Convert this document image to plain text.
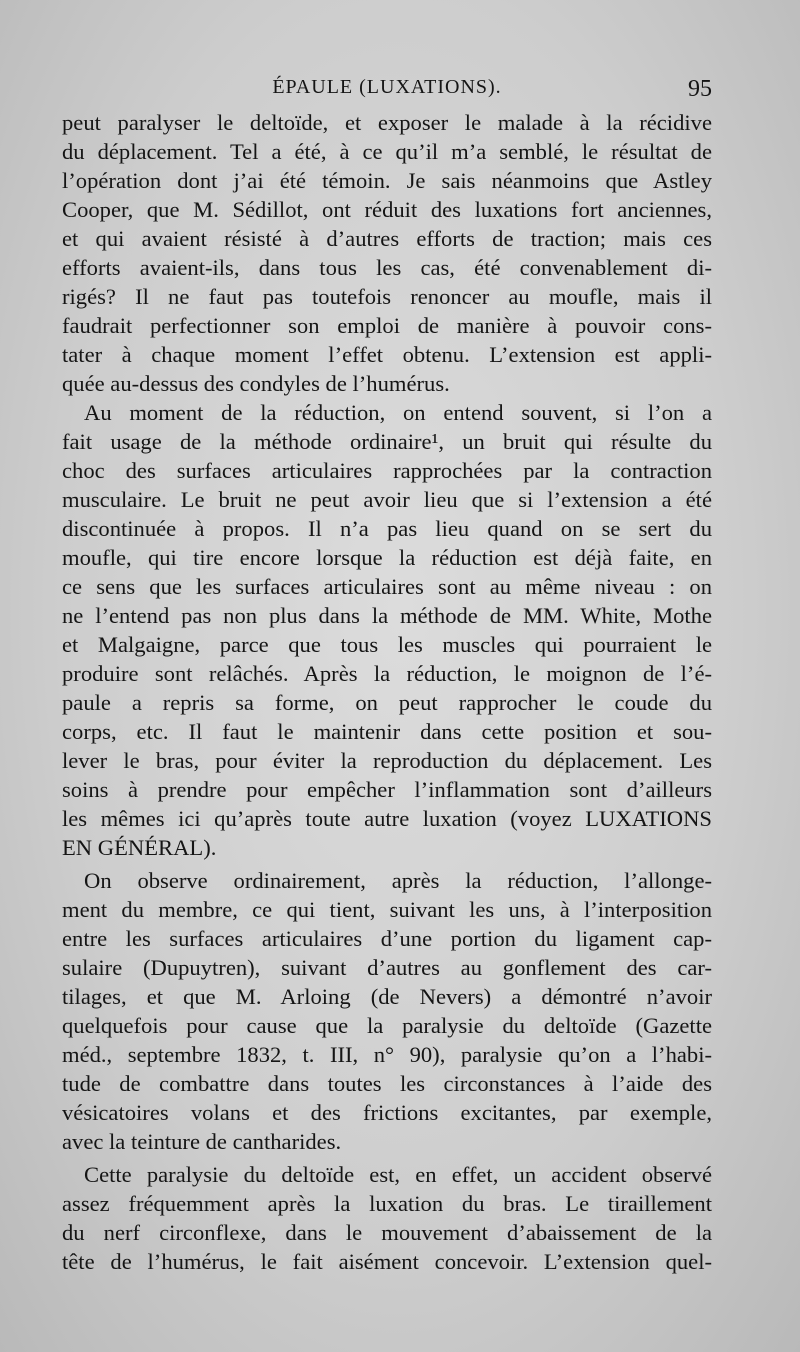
ÉPAULE (LUXATIONS).	95
peut paralyser le deltoïde, et exposer le malade à la récidive
du déplacement. Tel a été, à ce qu’il m’a semblé, le résultat de
l’opération dont j’ai été témoin. Je sais néanmoins que Astley
Cooper, que M. Sédillot, ont réduit des luxations fort anciennes,
et qui avaient résisté à d’autres efforts de traction; mais ces
efforts avaient-ils, dans tous les cas, été convenablement di-
rigés? Il ne faut pas toutefois renoncer au moufle, mais il
faudrait perfectionner son emploi de manière à pouvoir cons-
tater à chaque moment l’effet obtenu. L’extension est appli-
quée au-dessus des condyles de l’humérus.
Au moment de la réduction, on entend souvent, si l’on a
fait usage de la méthode ordinaire¹, un bruit qui résulte du
choc des surfaces articulaires rapprochées par la contraction
musculaire. Le bruit ne peut avoir lieu que si l’extension a été
discontinuée à propos. Il n’a pas lieu quand on se sert du
moufle, qui tire encore lorsque la réduction est déjà faite, en
ce sens que les surfaces articulaires sont au même niveau : on
ne l’entend pas non plus dans la méthode de MM. White, Mothe
et Malgaigne, parce que tous les muscles qui pourraient le
produire sont relâchés. Après la réduction, le moignon de l’é-
paule a repris sa forme, on peut rapprocher le coude du
corps, etc. Il faut le maintenir dans cette position et sou-
lever le bras, pour éviter la reproduction du déplacement. Les
soins à prendre pour empêcher l’inflammation sont d’ailleurs
les mêmes ici qu’après toute autre luxation (voyez LUXATIONS
EN GÉNÉRAL).
On observe ordinairement, après la réduction, l’allonge-
ment du membre, ce qui tient, suivant les uns, à l’interposition
entre les surfaces articulaires d’une portion du ligament cap-
sulaire (Dupuytren), suivant d’autres au gonflement des car-
tilages, et que M. Arloing (de Nevers) a démontré n’avoir
quelquefois pour cause que la paralysie du deltoïde (Gazette
méd., septembre 1832, t. III, n° 90), paralysie qu’on a l’habi-
tude de combattre dans toutes les circonstances à l’aide des
vésicatoires volans et des frictions excitantes, par exemple,
avec la teinture de cantharides.
Cette paralysie du deltoïde est, en effet, un accident observé
assez fréquemment après la luxation du bras. Le tiraillement
du nerf circonflexe, dans le mouvement d’abaissement de la
tête de l’humérus, le fait aisément concevoir. L’extension quel-
